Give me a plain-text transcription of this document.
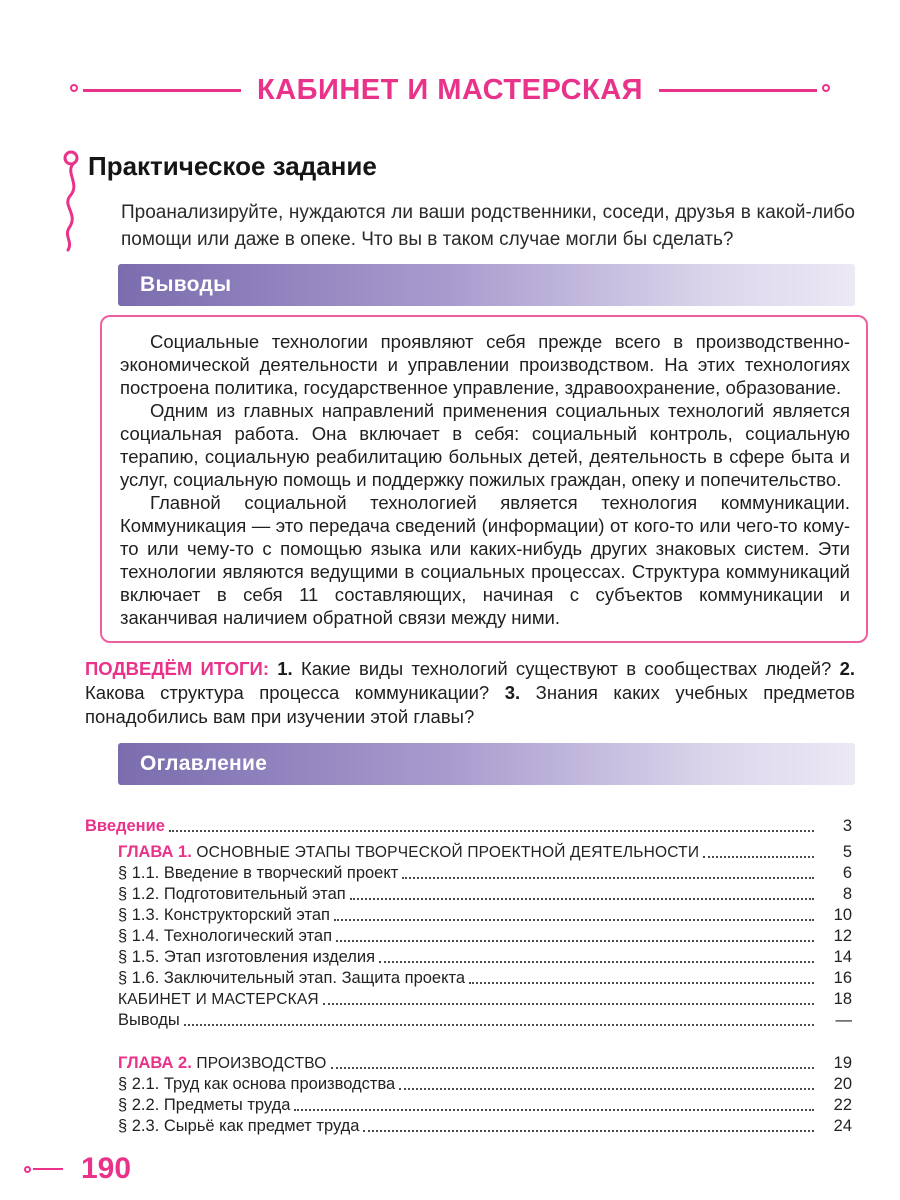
КАБИНЕТ И МАСТЕРСКАЯ
Практическое задание

Проанализируйте, нуждаются ли ваши родственники, соседи, друзья в какой-либо помощи или даже в опеке. Что вы в таком случае могли бы сделать?

Выводы

Социальные технологии проявляют себя прежде всего в производственно-экономической деятельности и управлении производством. На этих технологиях построена политика, государственное управление, здравоохранение, образование.

Одним из главных направлений применения социальных технологий является социальная работа. Она включает в себя: социальный контроль, социальную терапию, социальную реабилитацию больных детей, деятельность в сфере быта и услуг, социальную помощь и поддержку пожилых граждан, опеку и попечительство.

Главной социальной технологией является технология коммуникации. Коммуникация — это передача сведений (информации) от кого-то или чего-то кому-то или чему-то с помощью языка или каких-нибудь других знаковых систем. Эти технологии являются ведущими в социальных процессах. Структура коммуникаций включает в себя 11 составляющих, начиная с субъектов коммуникации и заканчивая наличием обратной связи между ними.

ПОДВЕДЁМ ИТОГИ: 1. Какие виды технологий существуют в сообществах людей? 2. Какова структура процесса коммуникации? 3. Знания каких учебных предметов понадобились вам при изучении этой главы?

Оглавление
Введение	3
ГЛАВА 1. ОСНОВНЫЕ ЭТАПЫ ТВОРЧЕСКОЙ ПРОЕКТНОЙ ДЕЯТЕЛЬНОСТИ	5
§ 1.1. Введение в творческий проект	6
§ 1.2. Подготовительный этап	8
§ 1.3. Конструкторский этап	10
§ 1.4. Технологический этап	12
§ 1.5. Этап изготовления изделия	14
§ 1.6. Заключительный этап. Защита проекта	16
КАБИНЕТ И МАСТЕРСКАЯ	18
Выводы	—
ГЛАВА 2. ПРОИЗВОДСТВО	19
§ 2.1. Труд как основа производства	20
§ 2.2. Предметы труда	22
§ 2.3. Сырьё как предмет труда	24
190
